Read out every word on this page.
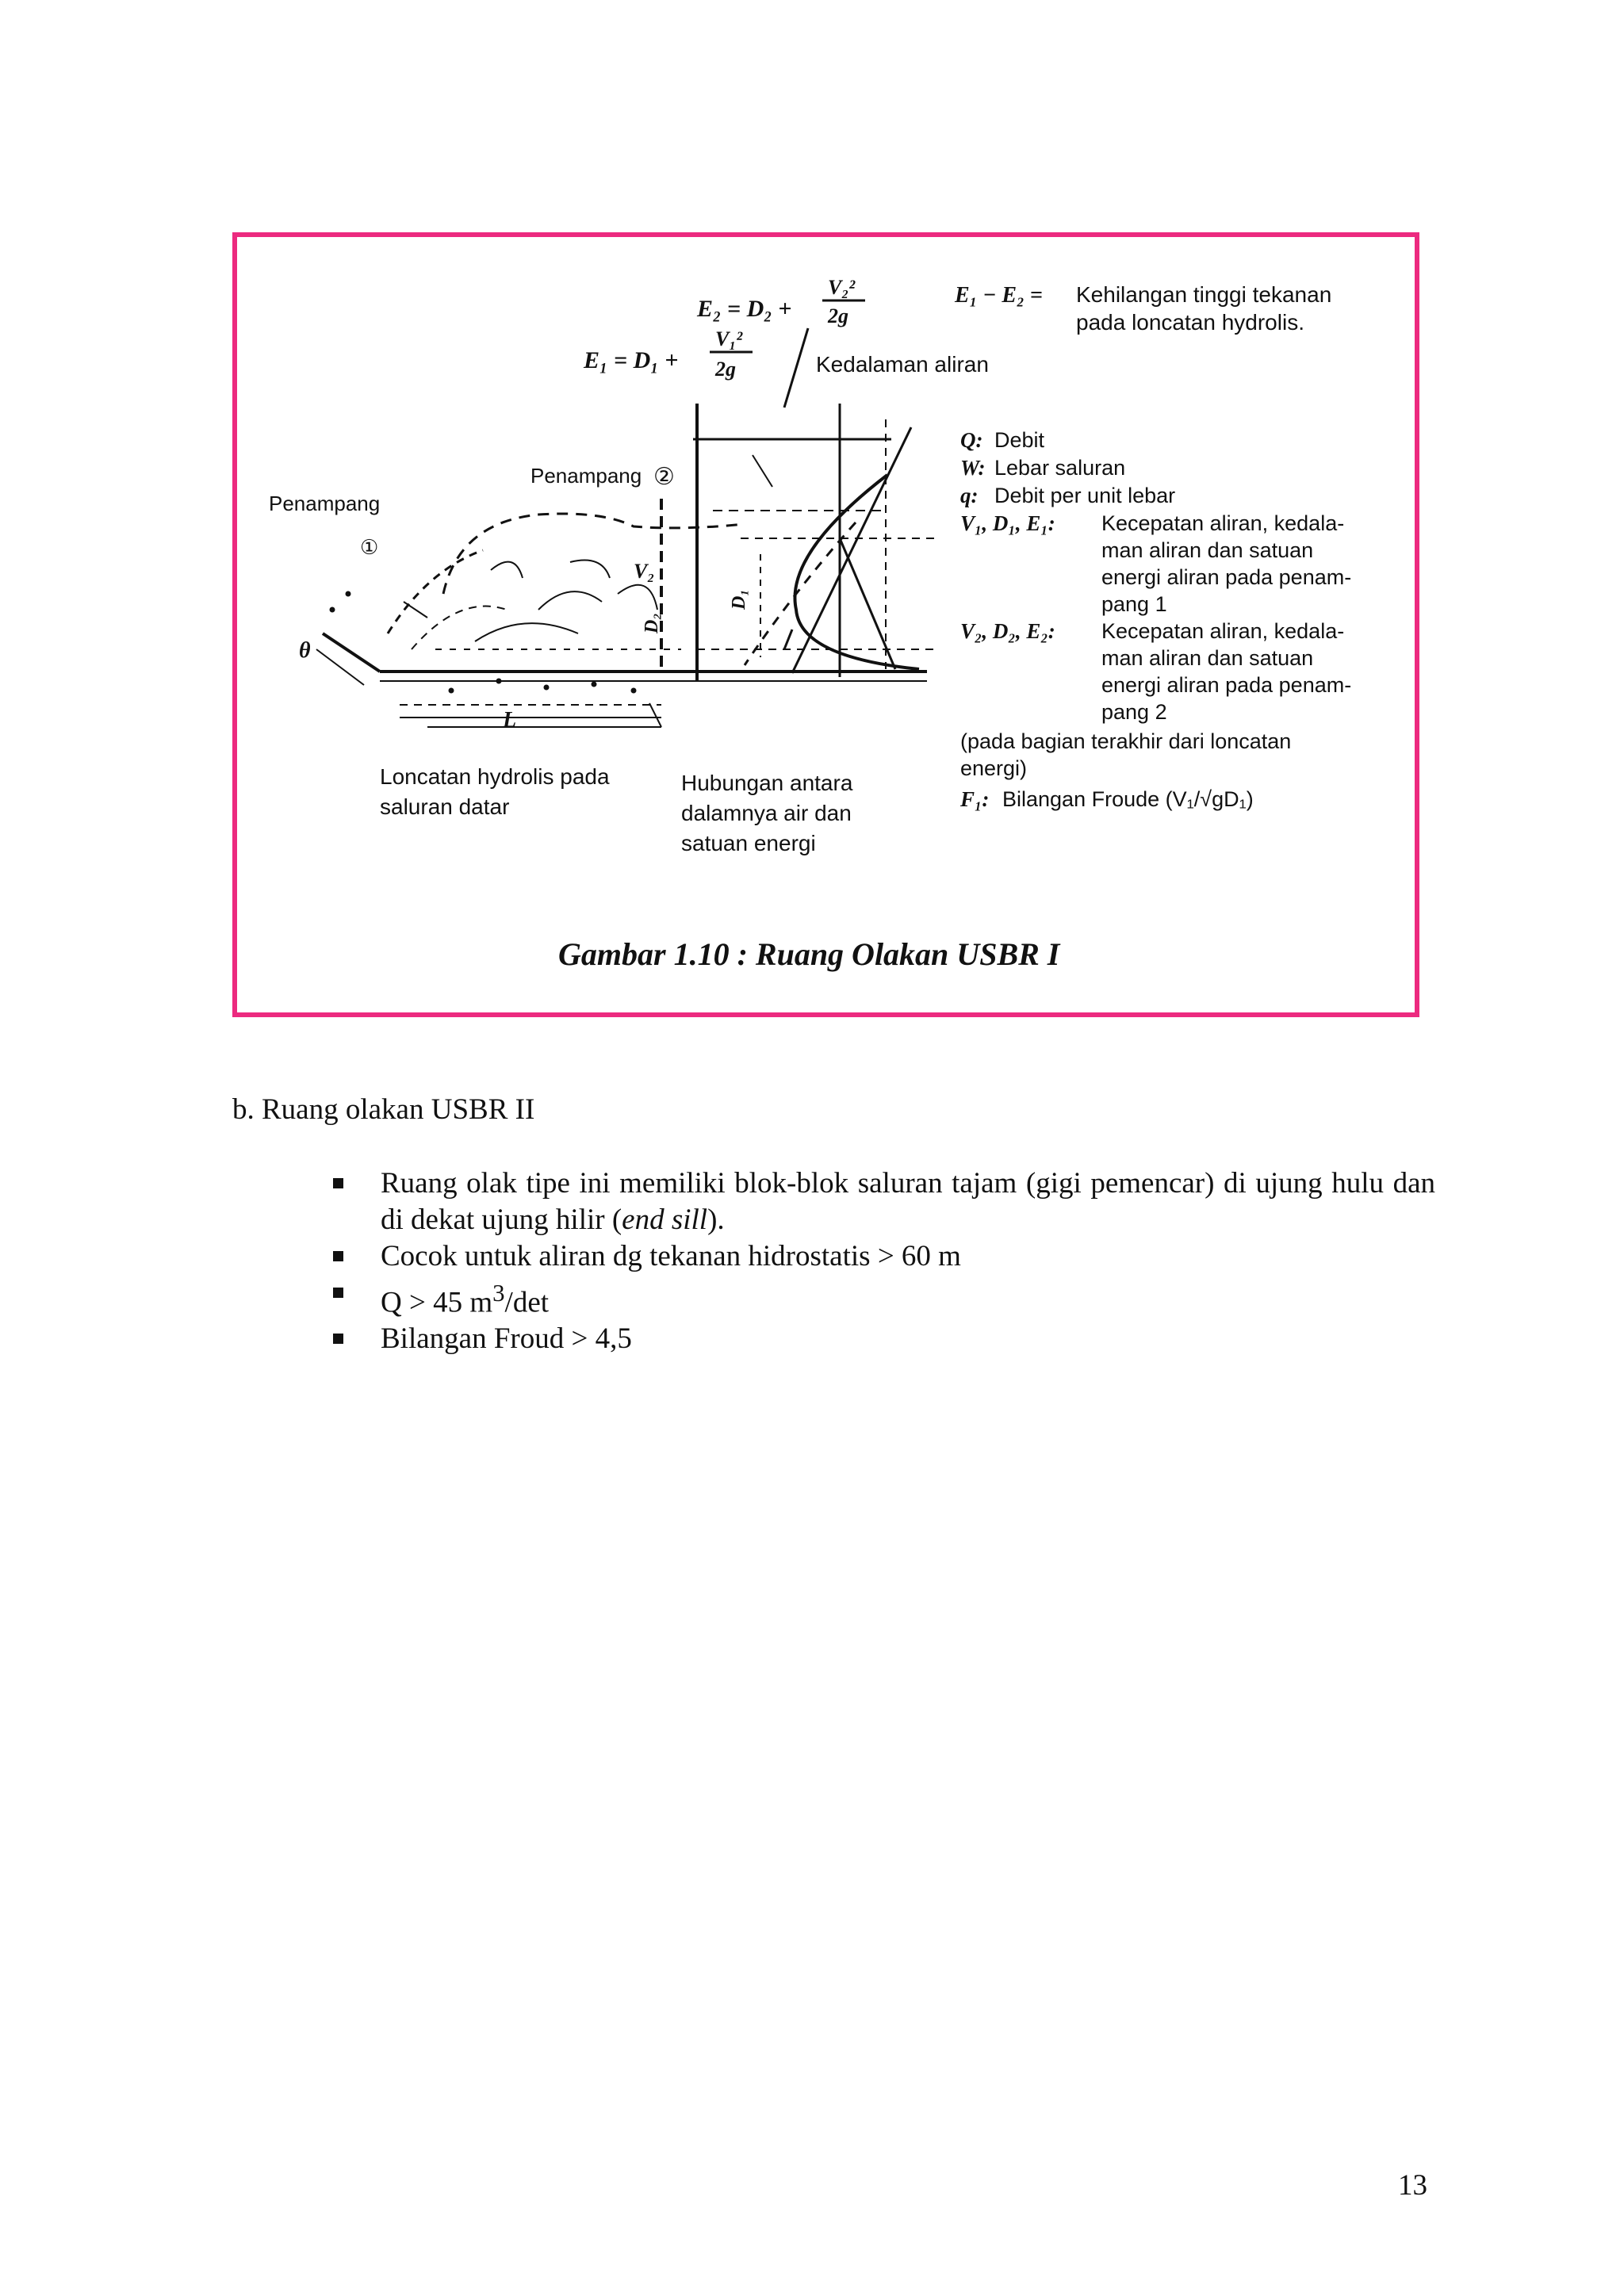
E₂ = D₂ +
V₂²
2g
E₁ = D₁ +
V₁²
2g	Kedalaman aliran
E₁ − E₂ = Kehilangan tinggi tekanan
pada loncatan hydrolis.
D₁
Penampang
①
Penampang ②
V₂
D₂
θ
L
Loncatan hydrolis pada
saluran datar
Hubungan antara
dalamnya air dan
satuan energi
Q: Debit
W: Lebar saluran
q: Debit per unit lebar
V₁, D₁, E₁: Kecepatan aliran, kedala-
man aliran dan satuan
energi aliran pada penam-
pang 1
V₂, D₂, E₂: Kecepatan aliran, kedala-
man aliran dan satuan
energi aliran pada penam-
pang 2
(pada bagian terakhir dari loncatan
energi)
F₁: Bilangan Froude (V₁/√gD₁)
Gambar 1.10 : Ruang Olakan USBR I
b. Ruang olakan USBR II
Ruang olak tipe ini memiliki blok-blok saluran tajam (gigi pemencar) di ujung hulu dan di dekat ujung hilir (end sill).
Cocok untuk aliran dg tekanan hidrostatis > 60 m
Q > 45 $m^3/\det$
Bilangan Froud > 4,5
13
